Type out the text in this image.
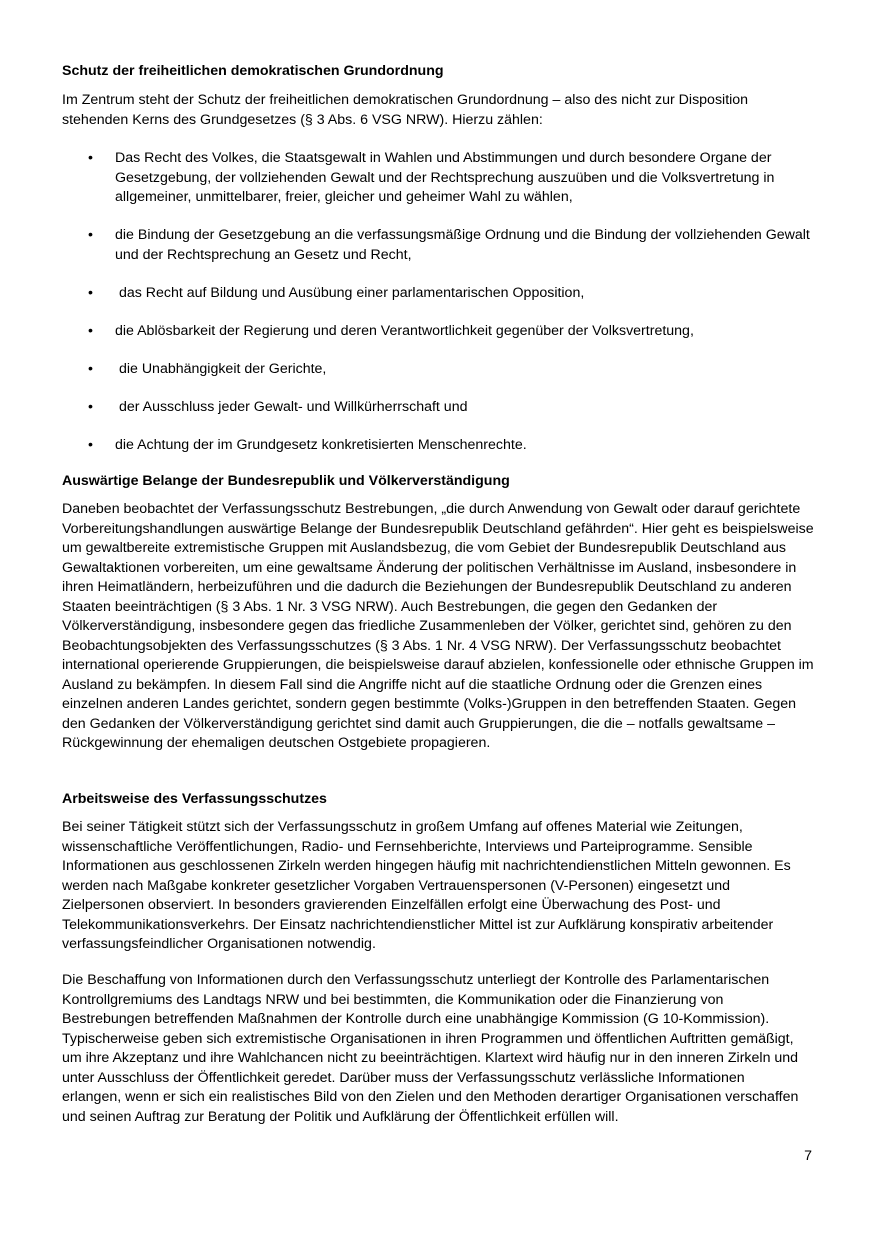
Schutz der freiheitlichen demokratischen Grundordnung

Im Zentrum steht der Schutz der freiheitlichen demokratischen Grundordnung – also des nicht zur Disposition stehenden Kerns des Grundgesetzes (§ 3 Abs. 6 VSG NRW). Hierzu zählen:

• Das Recht des Volkes, die Staatsgewalt in Wahlen und Abstimmungen und durch besondere Organe der Gesetzgebung, der vollziehenden Gewalt und der Rechtsprechung auszuüben und die Volksvertretung in allgemeiner, unmittelbarer, freier, gleicher und geheimer Wahl zu wählen,
• die Bindung der Gesetzgebung an die verfassungsmäßige Ordnung und die Bindung der vollziehenden Gewalt und der Rechtsprechung an Gesetz und Recht,
• das Recht auf Bildung und Ausübung einer parlamentarischen Opposition,
• die Ablösbarkeit der Regierung und deren Verantwortlichkeit gegenüber der Volksvertretung,
• die Unabhängigkeit der Gerichte,
• der Ausschluss jeder Gewalt- und Willkürherrschaft und
• die Achtung der im Grundgesetz konkretisierten Menschenrechte.
Auswärtige Belange der Bundesrepublik und Völkerverständigung

Daneben beobachtet der Verfassungsschutz Bestrebungen, „die durch Anwendung von Gewalt oder darauf gerichtete Vorbereitungshandlungen auswärtige Belange der Bundesrepublik Deutschland gefährden“. Hier geht es beispielsweise um gewaltbereite extremistische Gruppen mit Auslandsbezug, die vom Gebiet der Bundesrepublik Deutschland aus Gewaltaktionen vorbereiten, um eine gewaltsame Änderung der politischen Verhältnisse im Ausland, insbesondere in ihren Heimatländern, herbeizuführen und die dadurch die Beziehungen der Bundesrepublik Deutschland zu anderen Staaten beeinträchtigen (§ 3 Abs. 1 Nr. 3 VSG NRW). Auch Bestrebungen, die gegen den Gedanken der Völkerverständigung, insbesondere gegen das friedliche Zusammenleben der Völker, gerichtet sind, gehören zu den Beobachtungsobjekten des Verfassungsschutzes (§ 3 Abs. 1 Nr. 4 VSG NRW). Der Verfassungsschutz beobachtet international operierende Gruppierungen, die beispielsweise darauf abzielen, konfessionelle oder ethnische Gruppen im Ausland zu bekämpfen. In diesem Fall sind die Angriffe nicht auf die staatliche Ordnung oder die Grenzen eines einzelnen anderen Landes gerichtet, sondern gegen bestimmte (Volks-)Gruppen in den betreffenden Staaten. Gegen den Gedanken der Völkerverständigung gerichtet sind damit auch Gruppierungen, die die – notfalls gewaltsame – Rückgewinnung der ehemaligen deutschen Ostgebiete propagieren.

Arbeitsweise des Verfassungsschutzes

Bei seiner Tätigkeit stützt sich der Verfassungsschutz in großem Umfang auf offenes Material wie Zeitungen, wissenschaftliche Veröffentlichungen, Radio- und Fernsehberichte, Interviews und Parteiprogramme. Sensible Informationen aus geschlossenen Zirkeln werden hingegen häufig mit nachrichtendienstlichen Mitteln gewonnen. Es werden nach Maßgabe konkreter gesetzlicher Vorgaben Vertrauenspersonen (V-Personen) eingesetzt und Zielpersonen observiert. In besonders gravierenden Einzelfällen erfolgt eine Überwachung des Post- und Telekommunikationsverkehrs. Der Einsatz nachrichtendienstlicher Mittel ist zur Aufklärung konspirativ arbeitender verfassungsfeindlicher Organisationen notwendig.

Die Beschaffung von Informationen durch den Verfassungsschutz unterliegt der Kontrolle des Parlamentarischen Kontrollgremiums des Landtags NRW und bei bestimmten, die Kommunikation oder die Finanzierung von Bestrebungen betreffenden Maßnahmen der Kontrolle durch eine unabhängige Kommission (G 10-Kommission). Typischerweise geben sich extremistische Organisationen in ihren Programmen und öffentlichen Auftritten gemäßigt, um ihre Akzeptanz und ihre Wahlchancen nicht zu beeinträchtigen. Klartext wird häufig nur in den inneren Zirkeln und unter Ausschluss der Öffentlichkeit geredet. Darüber muss der Verfassungsschutz verlässliche Informationen erlangen, wenn er sich ein realistisches Bild von den Zielen und den Methoden derartiger Organisationen verschaffen und seinen Auftrag zur Beratung der Politik und Aufklärung der Öffentlichkeit erfüllen will.

7
